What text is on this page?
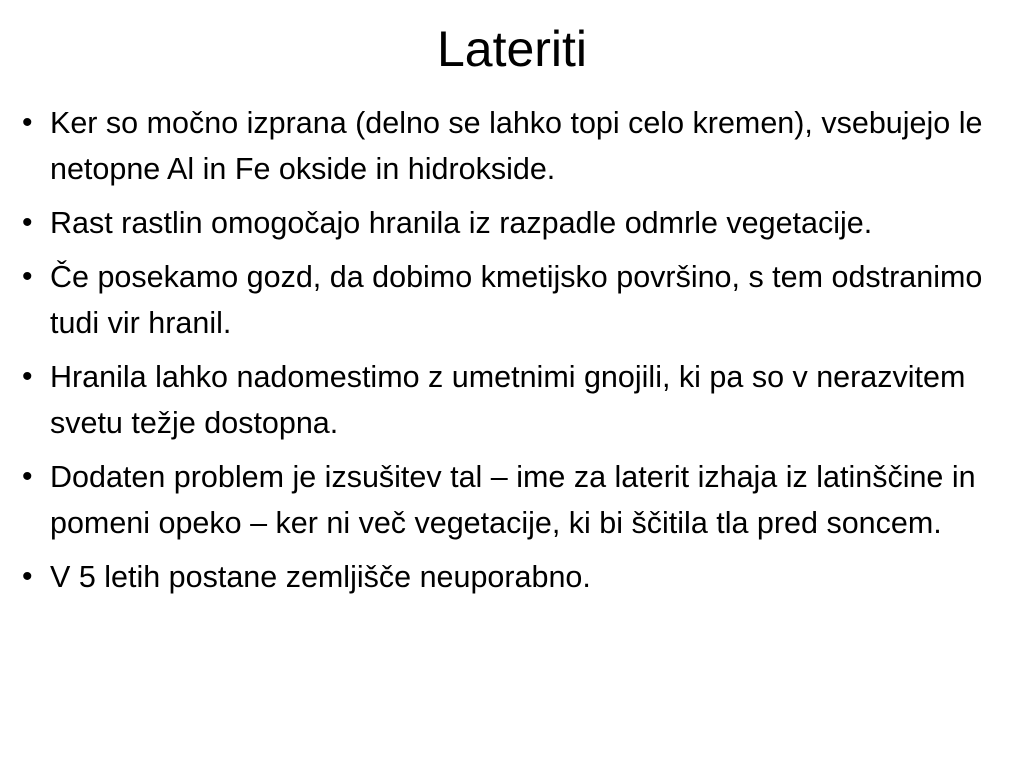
Lateriti
• Ker so močno izprana (delno se lahko topi celo kremen), vsebujejo le netopne Al in Fe okside in hidrokside.
• Rast rastlin omogočajo hranila iz razpadle odmrle vegetacije.
• Če posekamo gozd, da dobimo kmetijsko površino, s tem odstranimo tudi vir hranil.
• Hranila lahko nadomestimo z umetnimi gnojili, ki pa so v nerazvitem svetu težje dostopna.
• Dodaten problem je izsušitev tal – ime za laterit izhaja iz latinščine in pomeni opeko – ker ni več vegetacije, ki bi ščitila tla pred soncem.
• V 5 letih postane zemljišče neuporabno.
